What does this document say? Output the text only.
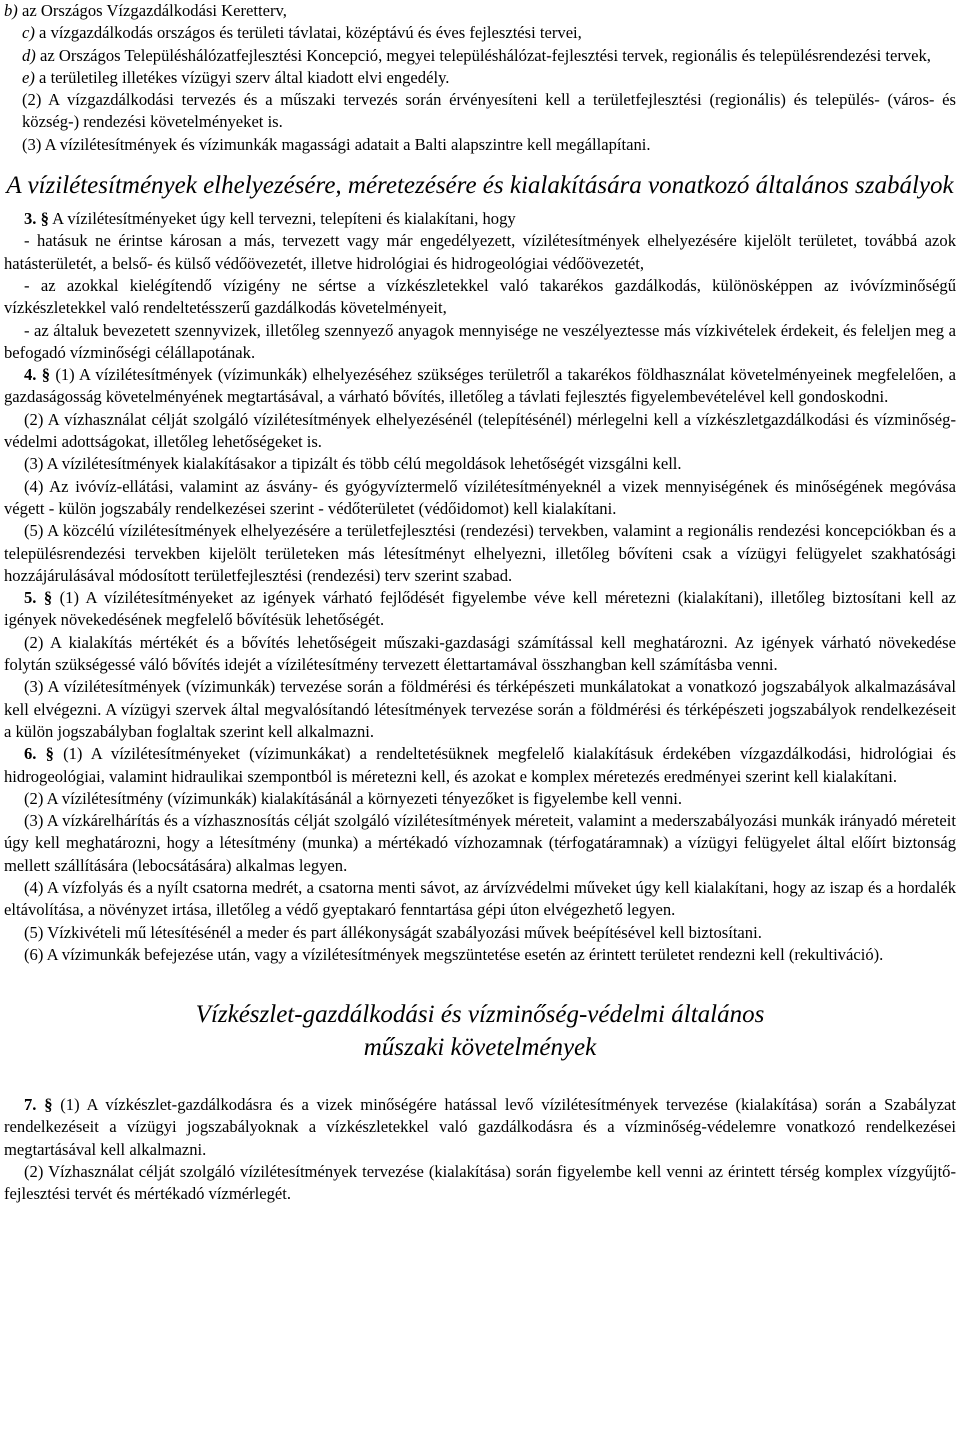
b) az Országos Vízgazdálkodási Keretterv,

c) a vízgazdálkodás országos és területi távlatai, középtávú és éves fejlesztési tervei,

d) az Országos Településhálózatfejlesztési Koncepció, megyei településhálózat-fejlesztési tervek, regionális és településrendezési tervek,

e) a területileg illetékes vízügyi szerv által kiadott elvi engedély.

(2) A vízgazdálkodási tervezés és a műszaki tervezés során érvényesíteni kell a területfejlesztési (regionális) és település- (város- és község-) rendezési követelményeket is.

(3) A vízilétesítmények és vízimunkák magassági adatait a Balti alapszintre kell megállapítani.

A vízilétesítmények elhelyezésére, méretezésére és kialakítására vonatkozó általános szabályok

3. § A vízilétesítményeket úgy kell tervezni, telepíteni és kialakítani, hogy

- hatásuk ne érintse károsan a más, tervezett vagy már engedélyezett, vízilétesítmények elhelyezésére kijelölt területet, továbbá azok hatásterületét, a belső- és külső védőövezetét, illetve hidrológiai és hidrogeológiai védőövezetét,

- az azokkal kielégítendő vízigény ne sértse a vízkészletekkel való takarékos gazdálkodás, különösképpen az ivóvízminőségű vízkészletekkel való rendeltetésszerű gazdálkodás követelményeit,

- az általuk bevezetett szennyvizek, illetőleg szennyező anyagok mennyisége ne veszélyeztesse más vízkivételek érdekeit, és feleljen meg a befogadó vízminőségi célállapotának.

4. § (1) A vízilétesítmények (vízimunkák) elhelyezéséhez szükséges területről a takarékos földhasználat követelményeinek megfelelően, a gazdaságosság követelményének megtartásával, a várható bővítés, illetőleg a távlati fejlesztés figyelembevételével kell gondoskodni.

(2) A vízhasználat célját szolgáló vízilétesítmények elhelyezésénél (telepítésénél) mérlegelni kell a vízkészletgazdálkodási és vízminőség-védelmi adottságokat, illetőleg lehetőségeket is.

(3) A vízilétesítmények kialakításakor a tipizált és több célú megoldások lehetőségét vizsgálni kell.

(4) Az ivóvíz-ellátási, valamint az ásvány- és gyógyvíztermelő vízilétesítményeknél a vizek mennyiségének és minőségének megóvása végett - külön jogszabály rendelkezései szerint - védőterületet (védőidomot) kell kialakítani.

(5) A közcélú vízilétesítmények elhelyezésére a területfejlesztési (rendezési) tervekben, valamint a regionális rendezési koncepciókban és a településrendezési tervekben kijelölt területeken más létesítményt elhelyezni, illetőleg bővíteni csak a vízügyi felügyelet szakhatósági hozzájárulásával módosított területfejlesztési (rendezési) terv szerint szabad.

5. § (1) A vízilétesítményeket az igények várható fejlődését figyelembe véve kell méretezni (kialakítani), illetőleg biztosítani kell az igények növekedésének megfelelő bővítésük lehetőségét.

(2) A kialakítás mértékét és a bővítés lehetőségeit műszaki-gazdasági számítással kell meghatározni. Az igények várható növekedése folytán szükségessé váló bővítés idejét a vízilétesítmény tervezett élettartamával összhangban kell számításba venni.

(3) A vízilétesítmények (vízimunkák) tervezése során a földmérési és térképészeti munkálatokat a vonatkozó jogszabályok alkalmazásával kell elvégezni. A vízügyi szervek által megvalósítandó létesítmények tervezése során a földmérési és térképészeti jogszabályok rendelkezéseit a külön jogszabályban foglaltak szerint kell alkalmazni.

6. § (1) A vízilétesítményeket (vízimunkákat) a rendeltetésüknek megfelelő kialakításuk érdekében vízgazdálkodási, hidrológiai és hidrogeológiai, valamint hidraulikai szempontból is méretezni kell, és azokat e komplex méretezés eredményei szerint kell kialakítani.

(2) A vízilétesítmény (vízimunkák) kialakításánál a környezeti tényezőket is figyelembe kell venni.

(3) A vízkárelhárítás és a vízhasznosítás célját szolgáló vízilétesítmények méreteit, valamint a mederszabályozási munkák irányadó méreteit úgy kell meghatározni, hogy a létesítmény (munka) a mértékadó vízhozamnak (térfogatáramnak) a vízügyi felügyelet által előírt biztonság mellett szállítására (lebocsátására) alkalmas legyen.

(4) A vízfolyás és a nyílt csatorna medrét, a csatorna menti sávot, az árvízvédelmi műveket úgy kell kialakítani, hogy az iszap és a hordalék eltávolítása, a növényzet irtása, illetőleg a védő gyeptakaró fenntartása gépi úton elvégezhető legyen.

(5) Vízkivételi mű létesítésénél a meder és part állékonyságát szabályozási művek beépítésével kell biztosítani.

(6) A vízimunkák befejezése után, vagy a vízilétesítmények megszüntetése esetén az érintett területet rendezni kell (rekultiváció).

Vízkészlet-gazdálkodási és vízminőség-védelmi általános műszaki követelmények

7. § (1) A vízkészlet-gazdálkodásra és a vizek minőségére hatással levő vízilétesítmények tervezése (kialakítása) során a Szabályzat rendelkezéseit a vízügyi jogszabályoknak a vízkészletekkel való gazdálkodásra és a vízminőség-védelemre vonatkozó rendelkezései megtartásával kell alkalmazni.

(2) Vízhasználat célját szolgáló vízilétesítmények tervezése (kialakítása) során figyelembe kell venni az érintett térség komplex vízgyűjtő-fejlesztési tervét és mértékadó vízmérlegét.
